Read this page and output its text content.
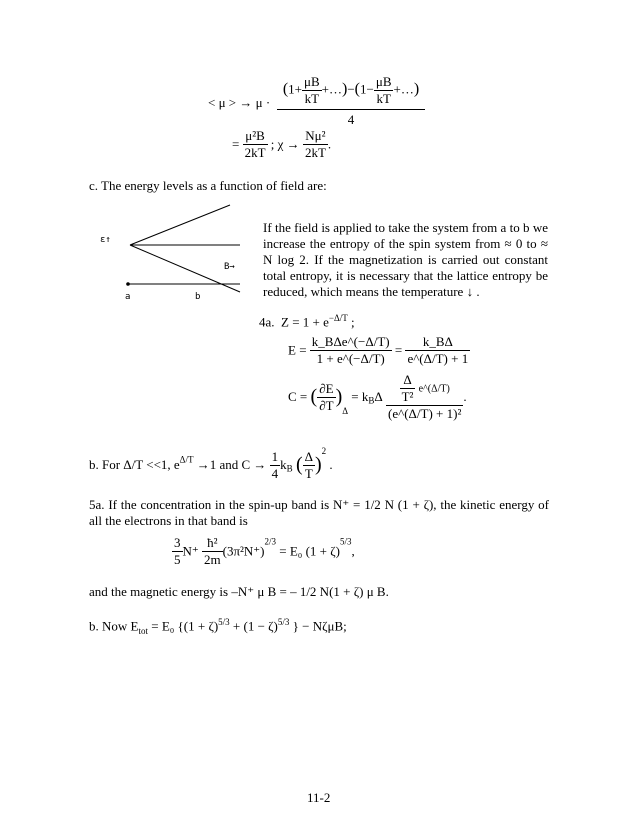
< μ > → μ ·
($1+ \frac{\mu B}{kT}$ +…)−(1− $\frac{\mu B}{kT}$ +…)
4
= $\frac{\text{μ²B}}{2kT}$ ; $\chi \to \frac{\text{Nμ²}}{2kT}$ .
c. The energy levels as a function of field are:
ε↑
B→
a	b
If the field is applied to take the system from a to b we increase the entropy of the spin system from ≈ 0 to ≈ N log 2. If the magnetization is carried out constant total entropy, it is necessary that the lattice entropy be reduced, which means the temperature ↓ .
4a. $Z = 1 + e^{-\Delta/T}$ ;
$E = \frac{\text{k\_BΔe\textasciicircum{}(−Δ/T)}}{1 + e\^{}(-\Delta/T)} = \frac{k\_B\Delta}{e\^{}(\Delta/T) + 1}$
C = ( $\frac{\partial E}{\partial T} )_\Delta = k_B\Delta \frac{\frac{\Delta}{\text{T²}} e\^{}(\Delta/T)}{\text{(e\textasciicircum{}(Δ/T) + 1)²}}$ .
b. For Δ/T <<1, $e^{\Delta/T} \to 1$ and $C \to \frac{1}{4} k_B$ ( $\frac{\Delta}{T} )^2$ .
5a. If the concentration in the spin-up band is N⁺ = 1/2 N (1 + ζ), the kinetic energy of all the electrons in that band is
$\frac{3}{5} N^+ \frac{\text{ħ²}}{2m} (3\pi^2N^+)^{2/3} = E_0$ $(1 + \zeta)^{5/3}$,
and the magnetic energy is –N⁺ μ B = – 1/2 N(1 + ζ) μ B.
b. Now $E_{tot} = E_0$ {$(1 + \zeta)^{5/3} + (1 - \zeta)^{5/3}$ } − NζμB;
11-2
